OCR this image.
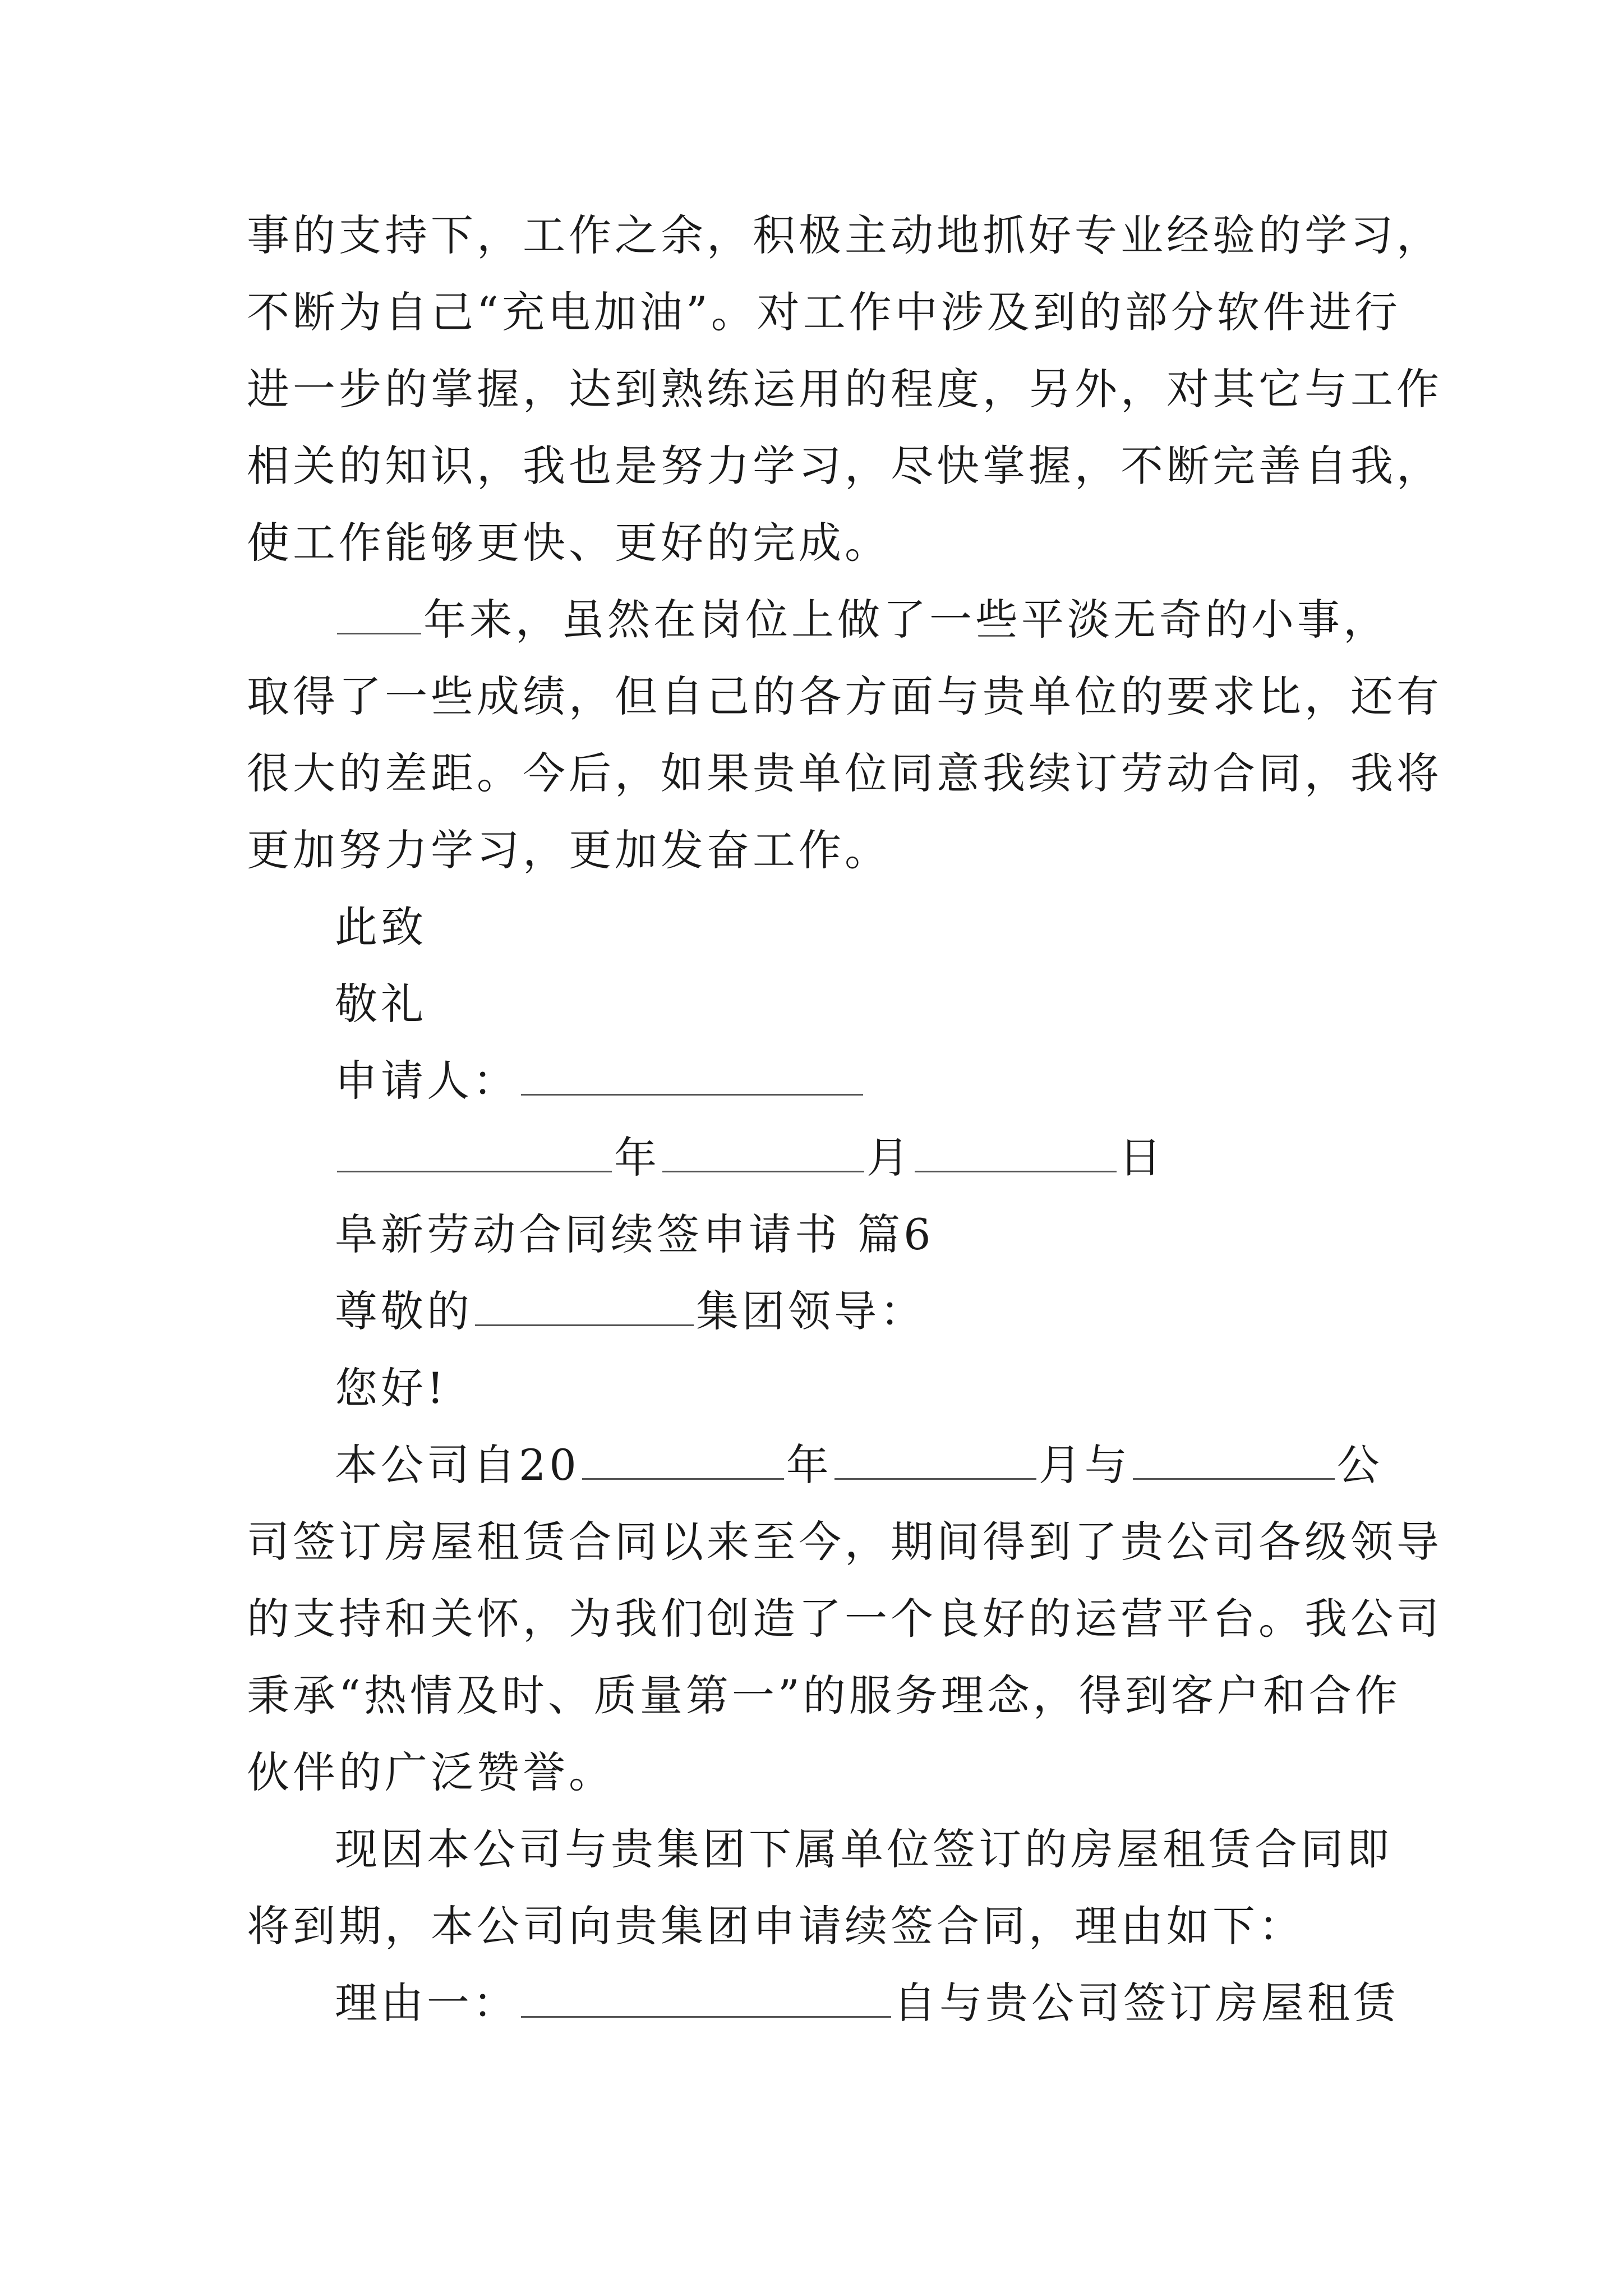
事的支持下，工作之余，积极主动地抓好专业经验的学习，
不断为自己“充电加油”。对工作中涉及到的部分软件进行
进一步的掌握，达到熟练运用的程度，另外，对其它与工作
相关的知识，我也是努力学习，尽快掌握，不断完善自我，
使工作能够更快、更好的完成。
年来，虽然在岗位上做了一些平淡无奇的小事，
取得了一些成绩，但自己的各方面与贵单位的要求比，还有
很大的差距。今后，如果贵单位同意我续订劳动合同，我将
更加努力学习，更加发奋工作。
此致
敬礼
申请人：
年	月	日
阜新劳动合同续签申请书 篇6
尊敬的	集团领导：
您好!
本公司自20	年	月与	公
司签订房屋租赁合同以来至今，期间得到了贵公司各级领导
的支持和关怀，为我们创造了一个良好的运营平台。我公司
秉承“热情及时、质量第一”的服务理念，得到客户和合作
伙伴的广泛赞誉。
现因本公司与贵集团下属单位签订的房屋租赁合同即
将到期，本公司向贵集团申请续签合同，理由如下：
理由一：	自与贵公司签订房屋租赁
